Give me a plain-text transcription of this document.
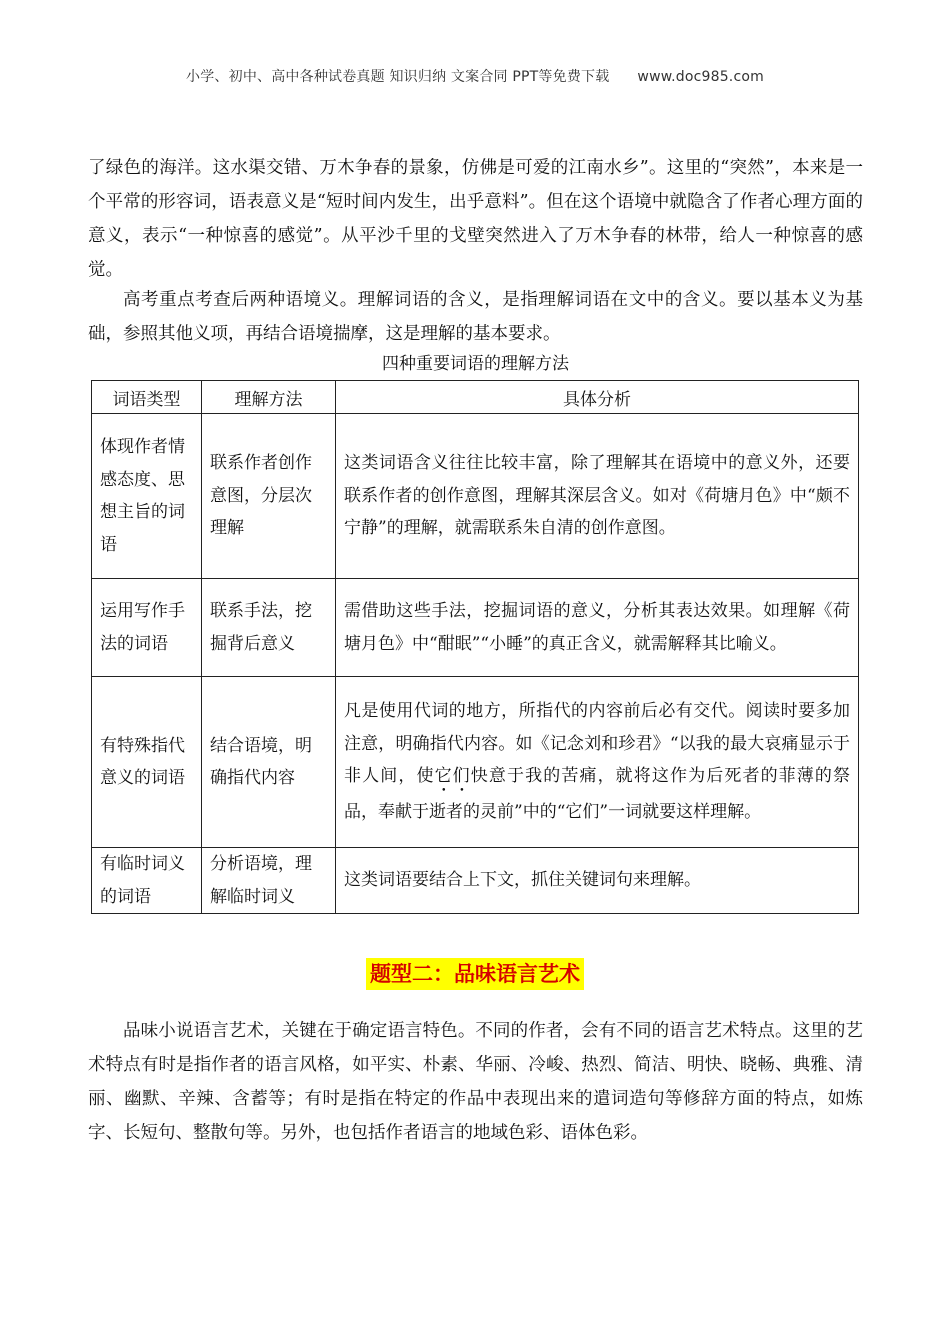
小学、初中、高中各种试卷真题 知识归纳 文案合同 PPT等免费下载 www.doc985.com

了绿色的海洋。这水渠交错、万木争春的景象，仿佛是可爱的江南水乡”。这里的“突然”，本来是一个平常的形容词，语表意义是“短时间内发生，出乎意料”。但在这个语境中就隐含了作者心理方面的意义，表示“一种惊喜的感觉”。从平沙千里的戈壁突然进入了万木争春的林带，给人一种惊喜的感觉。

高考重点考查后两种语境义。理解词语的含义，是指理解词语在文中的含义。要以基本义为基础，参照其他义项，再结合语境揣摩，这是理解的基本要求。

四种重要词语的理解方法
词语类型	理解方法	具体分析
体现作者情感态度、思想主旨的词语	联系作者创作意图，分层次理解	这类词语含义往往比较丰富，除了理解其在语境中的意义外，还要联系作者的创作意图，理解其深层含义。如对《荷塘月色》中“颇不宁静”的理解，就需联系朱自清的创作意图。
运用写作手法的词语	联系手法，挖掘背后意义	需借助这些手法，挖掘词语的意义，分析其表达效果。如理解《荷塘月色》中“酣眠”“小睡”的真正含义，就需解释其比喻义。
有特殊指代意义的词语	结合语境，明确指代内容	凡是使用代词的地方，所指代的内容前后必有交代。阅读时要多加注意，明确指代内容。如《记念刘和珍君》“以我的最大哀痛显示于非人间，使它们快意于我的苦痛，就将这作为后死者的菲薄的祭品，奉献于逝者的灵前”中的“它们”一词就要这样理解。
有临时词义的词语	分析语境，理解临时词义	这类词语要结合上下文，抓住关键词句来理解。
题型二：品味语言艺术

品味小说语言艺术，关键在于确定语言特色。不同的作者，会有不同的语言艺术特点。这里的艺术特点有时是指作者的语言风格，如平实、朴素、华丽、冷峻、热烈、简洁、明快、晓畅、典雅、清丽、幽默、辛辣、含蓄等；有时是指在特定的作品中表现出来的遣词造句等修辞方面的特点，如炼字、长短句、整散句等。另外，也包括作者语言的地域色彩、语体色彩。
